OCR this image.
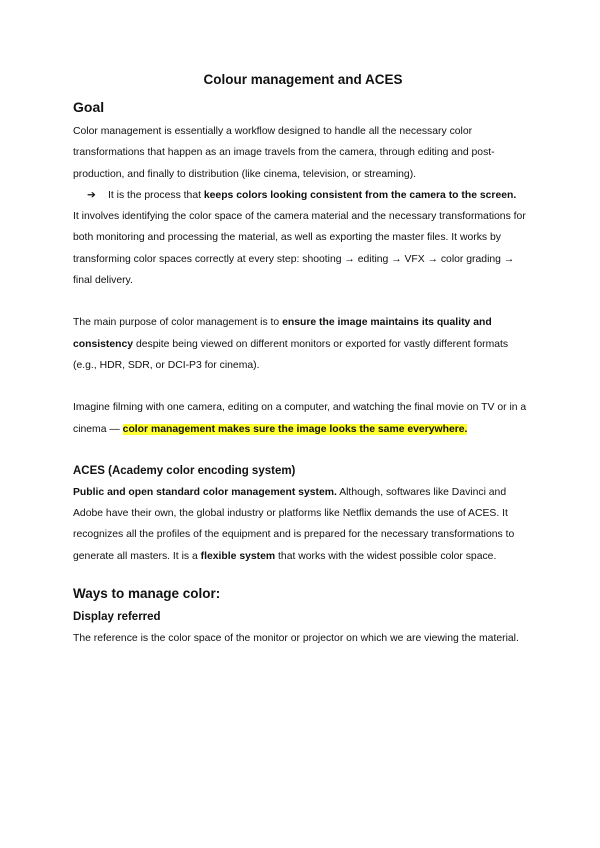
Colour management and ACES
Goal

Color management is essentially a workflow designed to handle all the necessary color transformations that happen as an image travels from the camera, through editing and post-production, and finally to distribution (like cinema, television, or streaming).

➔ It is the process that keeps colors looking consistent from the camera to the screen.

It involves identifying the color space of the camera material and the necessary transformations for both monitoring and processing the material, as well as exporting the master files. It works by transforming color spaces correctly at every step: shooting → editing → VFX → color grading → final delivery.

The main purpose of color management is to ensure the image maintains its quality and consistency despite being viewed on different monitors or exported for vastly different formats (e.g., HDR, SDR, or DCI-P3 for cinema).

Imagine filming with one camera, editing on a computer, and watching the final movie on TV or in a cinema — color management makes sure the image looks the same everywhere.

ACES (Academy color encoding system)

Public and open standard color management system. Although, softwares like Davinci and Adobe have their own, the global industry or platforms like Netflix demands the use of ACES. It recognizes all the profiles of the equipment and is prepared for the necessary transformations to generate all masters. It is a flexible system that works with the widest possible color space.

Ways to manage color:
Display referred

The reference is the color space of the monitor or projector on which we are viewing the material.
